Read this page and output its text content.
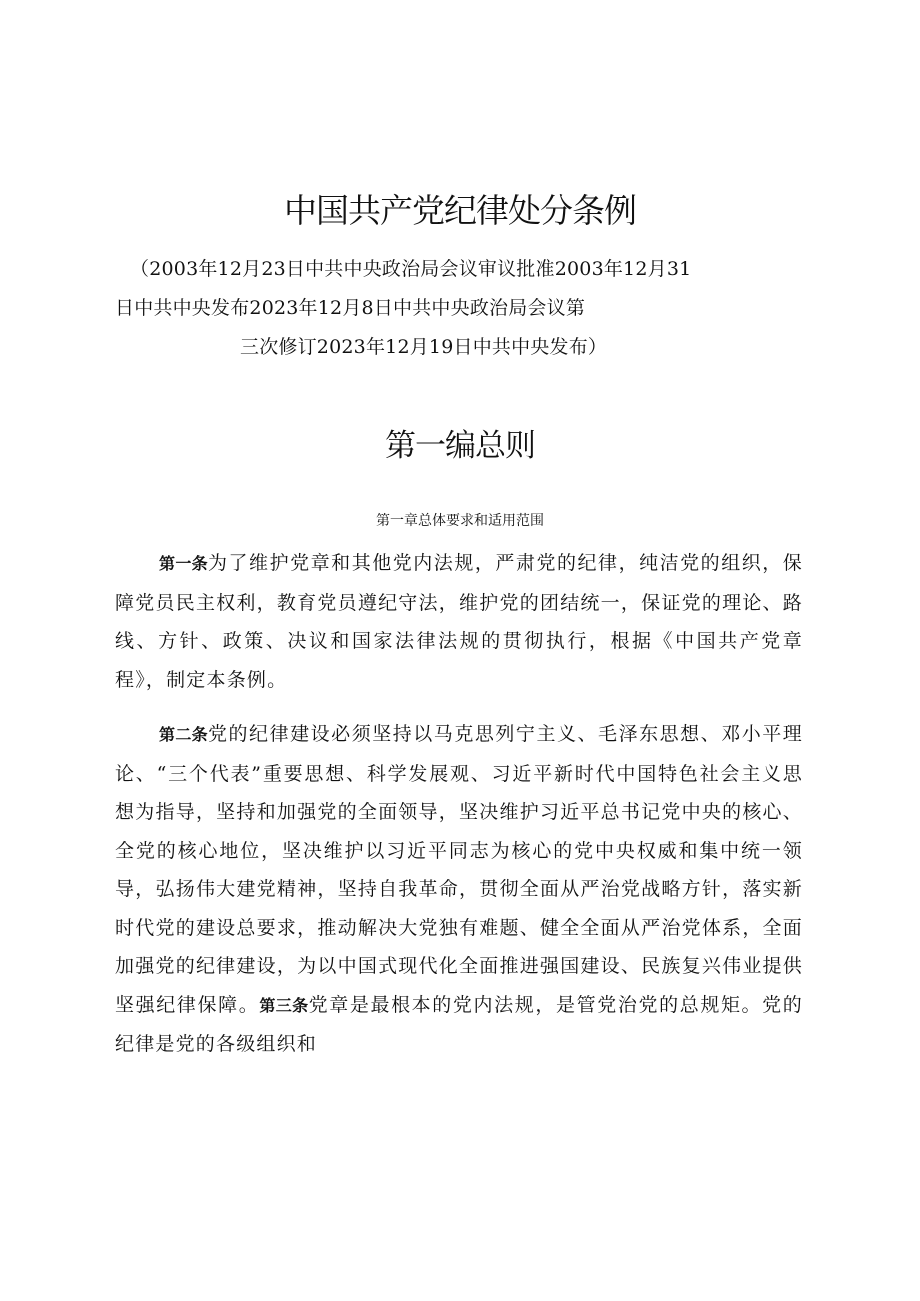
中国共产党纪律处分条例

（2003年12月23日中共中央政治局会议审议批准2003年12月31
日中共中央发布2023年12月8日中共中央政治局会议第
三次修订2023年12月19日中共中央发布）

第一编总则
第一章总体要求和适用范围

第一条为了维护党章和其他党内法规，严肃党的纪律，纯洁党的组织，保障党员民主权利，教育党员遵纪守法，维护党的团结统一，保证党的理论、路线、方针、政策、决议和国家法律法规的贯彻执行，根据《中国共产党章程》，制定本条例。

第二条党的纪律建设必须坚持以马克思列宁主义、毛泽东思想、邓小平理论、“三个代表”重要思想、科学发展观、习近平新时代中国特色社会主义思想为指导，坚持和加强党的全面领导，坚决维护习近平总书记党中央的核心、全党的核心地位，坚决维护以习近平同志为核心的党中央权威和集中统一领导，弘扬伟大建党精神，坚持自我革命，贯彻全面从严治党战略方针，落实新时代党的建设总要求，推动解决大党独有难题、健全全面从严治党体系，全面加强党的纪律建设，为以中国式现代化全面推进强国建设、民族复兴伟业提供坚强纪律保障。第三条党章是最根本的党内法规，是管党治党的总规矩。党的纪律是党的各级组织和
